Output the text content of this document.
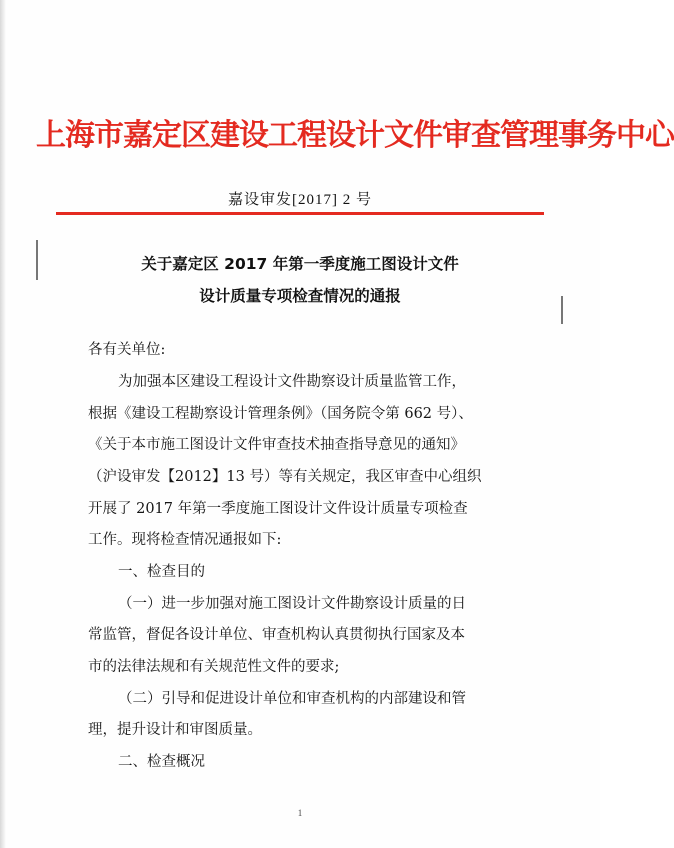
上海市嘉定区建设工程设计文件审查管理事务中心
嘉设审发[2017] 2 号
关于嘉定区 2017 年第一季度施工图设计文件
设计质量专项检查情况的通报
各有关单位:
为加强本区建设工程设计文件勘察设计质量监管工作，
根据《建设工程勘察设计管理条例》（国务院令第 662 号）、
《关于本市施工图设计文件审查技术抽查指导意见的通知》
（沪设审发【2012】13 号）等有关规定，我区审查中心组织
开展了 2017 年第一季度施工图设计文件设计质量专项检查
工作。现将检查情况通报如下:
一、检查目的
（一）进一步加强对施工图设计文件勘察设计质量的日
常监管，督促各设计单位、审查机构认真贯彻执行国家及本
市的法律法规和有关规范性文件的要求;
（二）引导和促进设计单位和审查机构的内部建设和管
理，提升设计和审图质量。
二、检查概况
1
